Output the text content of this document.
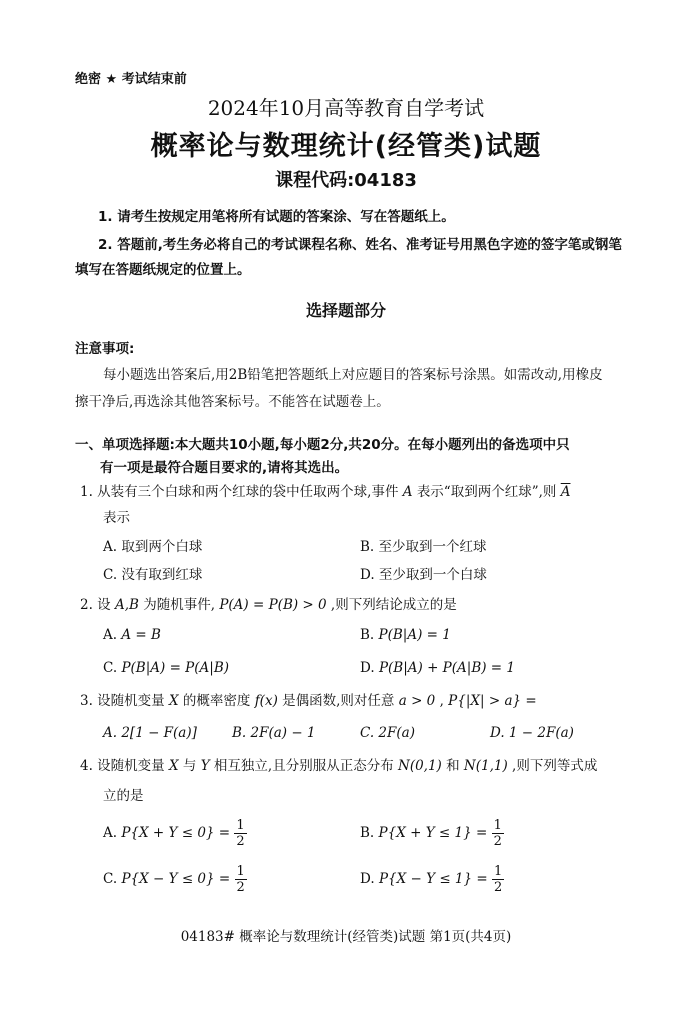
绝密 ★ 考试结束前
2024年10月高等教育自学考试
概率论与数理统计(经管类)试题
课程代码:04183
1. 请考生按规定用笔将所有试题的答案涂、写在答题纸上。
2. 答题前,考生务必将自己的考试课程名称、姓名、准考证号用黑色字迹的签字笔或钢笔
填写在答题纸规定的位置上。
选择题部分
注意事项:
每小题选出答案后,用2B铅笔把答题纸上对应题目的答案标号涂黑。如需改动,用橡皮
擦干净后,再选涂其他答案标号。不能答在试题卷上。
一、单项选择题:本大题共10小题,每小题2分,共20分。在每小题列出的备选项中只
有一项是最符合题目要求的,请将其选出。
1. 从装有三个白球和两个红球的袋中任取两个球,事件 A 表示“取到两个红球”,则 $\overline{A}$
表示
A. 取到两个白球	B. 至少取到一个红球
C. 没有取到红球	D. 至少取到一个白球
2. 设 A,B 为随机事件, P(A) = P(B) > 0 ,则下列结论成立的是
A. A = B	B. P(B|A) = 1
C. P(B|A) = P(A|B)	D. P(B|A) + P(A|B) = 1
3. 设随机变量 X 的概率密度 f(x) 是偶函数,则对任意 a > 0 , P{|X| > a} =
A. 2[1 − F(a)]	B. 2F(a) − 1	C. 2F(a)	D. 1 − 2F(a)
4. 设随机变量 X 与 Y 相互独立,且分别服从正态分布 N(0,1) 和 N(1,1) ,则下列等式成
立的是
A. $P\{X + Y \le 0\} = \frac{1}{2}$	B. $P\{X + Y \le 1\} = \frac{1}{2}$
C. $P\{X - Y \le 0\} = \frac{1}{2}$	D. $P\{X - Y \le 1\} = \frac{1}{2}$
04183# 概率论与数理统计(经管类)试题 第1页(共4页)
